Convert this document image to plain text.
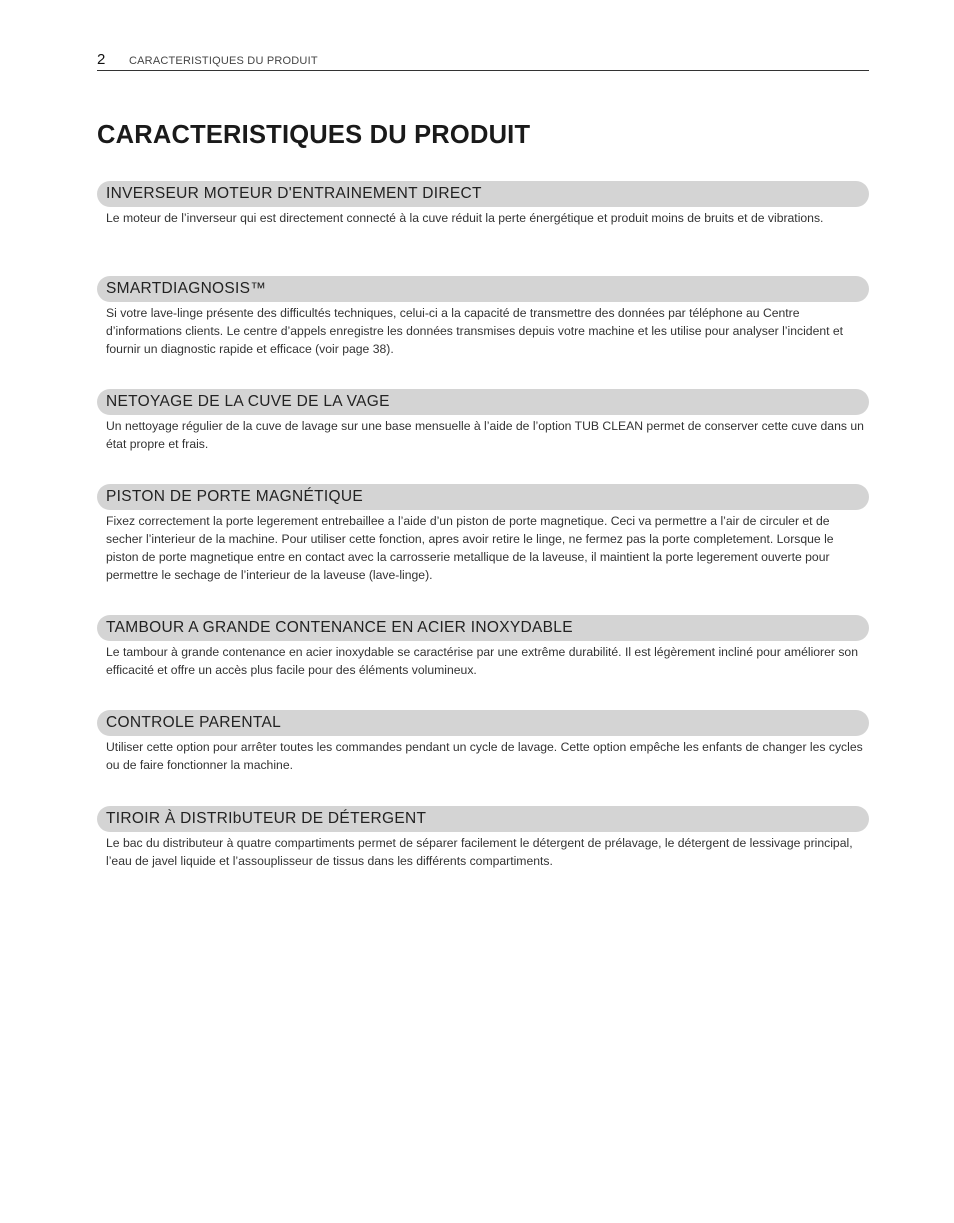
2 CARACTERISTIQUES DU PRODUIT
CARACTERISTIQUES DU PRODUIT
INVERSEUR MOTEUR D'ENTRAINEMENT DIRECT
Le moteur de l’inverseur qui est directement connecté à la cuve réduit la perte énergétique et produit moins de bruits et de vibrations.
SMARTDIAGNOSIS™
Si votre lave-linge présente des difficultés techniques, celui-ci a la capacité de transmettre des données par téléphone au Centre d’informations clients. Le centre d’appels enregistre les données transmises depuis votre machine et les utilise pour analyser l’incident et fournir un diagnostic rapide et efficace (voir page 38).
NETOYAGE DE LA CUVE DE LA VAGE
Un nettoyage régulier de la cuve de lavage sur une base mensuelle à l’aide de l’option TUB CLEAN permet de conserver cette cuve dans un état propre et frais.
PISTON DE PORTE MAGNÉTIQUE
Fixez correctement la porte legerement entrebaillee a l’aide d’un piston de porte magnetique. Ceci va permettre a l’air de circuler et de secher l’interieur de la machine. Pour utiliser cette fonction, apres avoir retire le linge, ne fermez pas la porte completement. Lorsque le piston de porte magnetique entre en contact avec la carrosserie metallique de la laveuse, il maintient la porte legerement ouverte pour permettre le sechage de l’interieur de la laveuse (lave-linge).
TAMBOUR A GRANDE CONTENANCE EN ACIER INOXYDABLE
Le tambour à grande contenance en acier inoxydable se caractérise par une extrême durabilité. Il est légèrement incliné pour améliorer son efficacité et offre un accès plus facile pour des éléments volumineux.
CONTROLE PARENTAL
Utiliser cette option pour arrêter toutes les commandes pendant un cycle de lavage. Cette option empêche les enfants de changer les cycles ou de faire fonctionner la machine.
TIROIR À DISTRIbUTEUR DE DÉTERGENT
Le bac du distributeur à quatre compartiments permet de séparer facilement le détergent de prélavage, le détergent de lessivage principal, l’eau de javel liquide et l’assouplisseur de tissus dans les différents compartiments.
